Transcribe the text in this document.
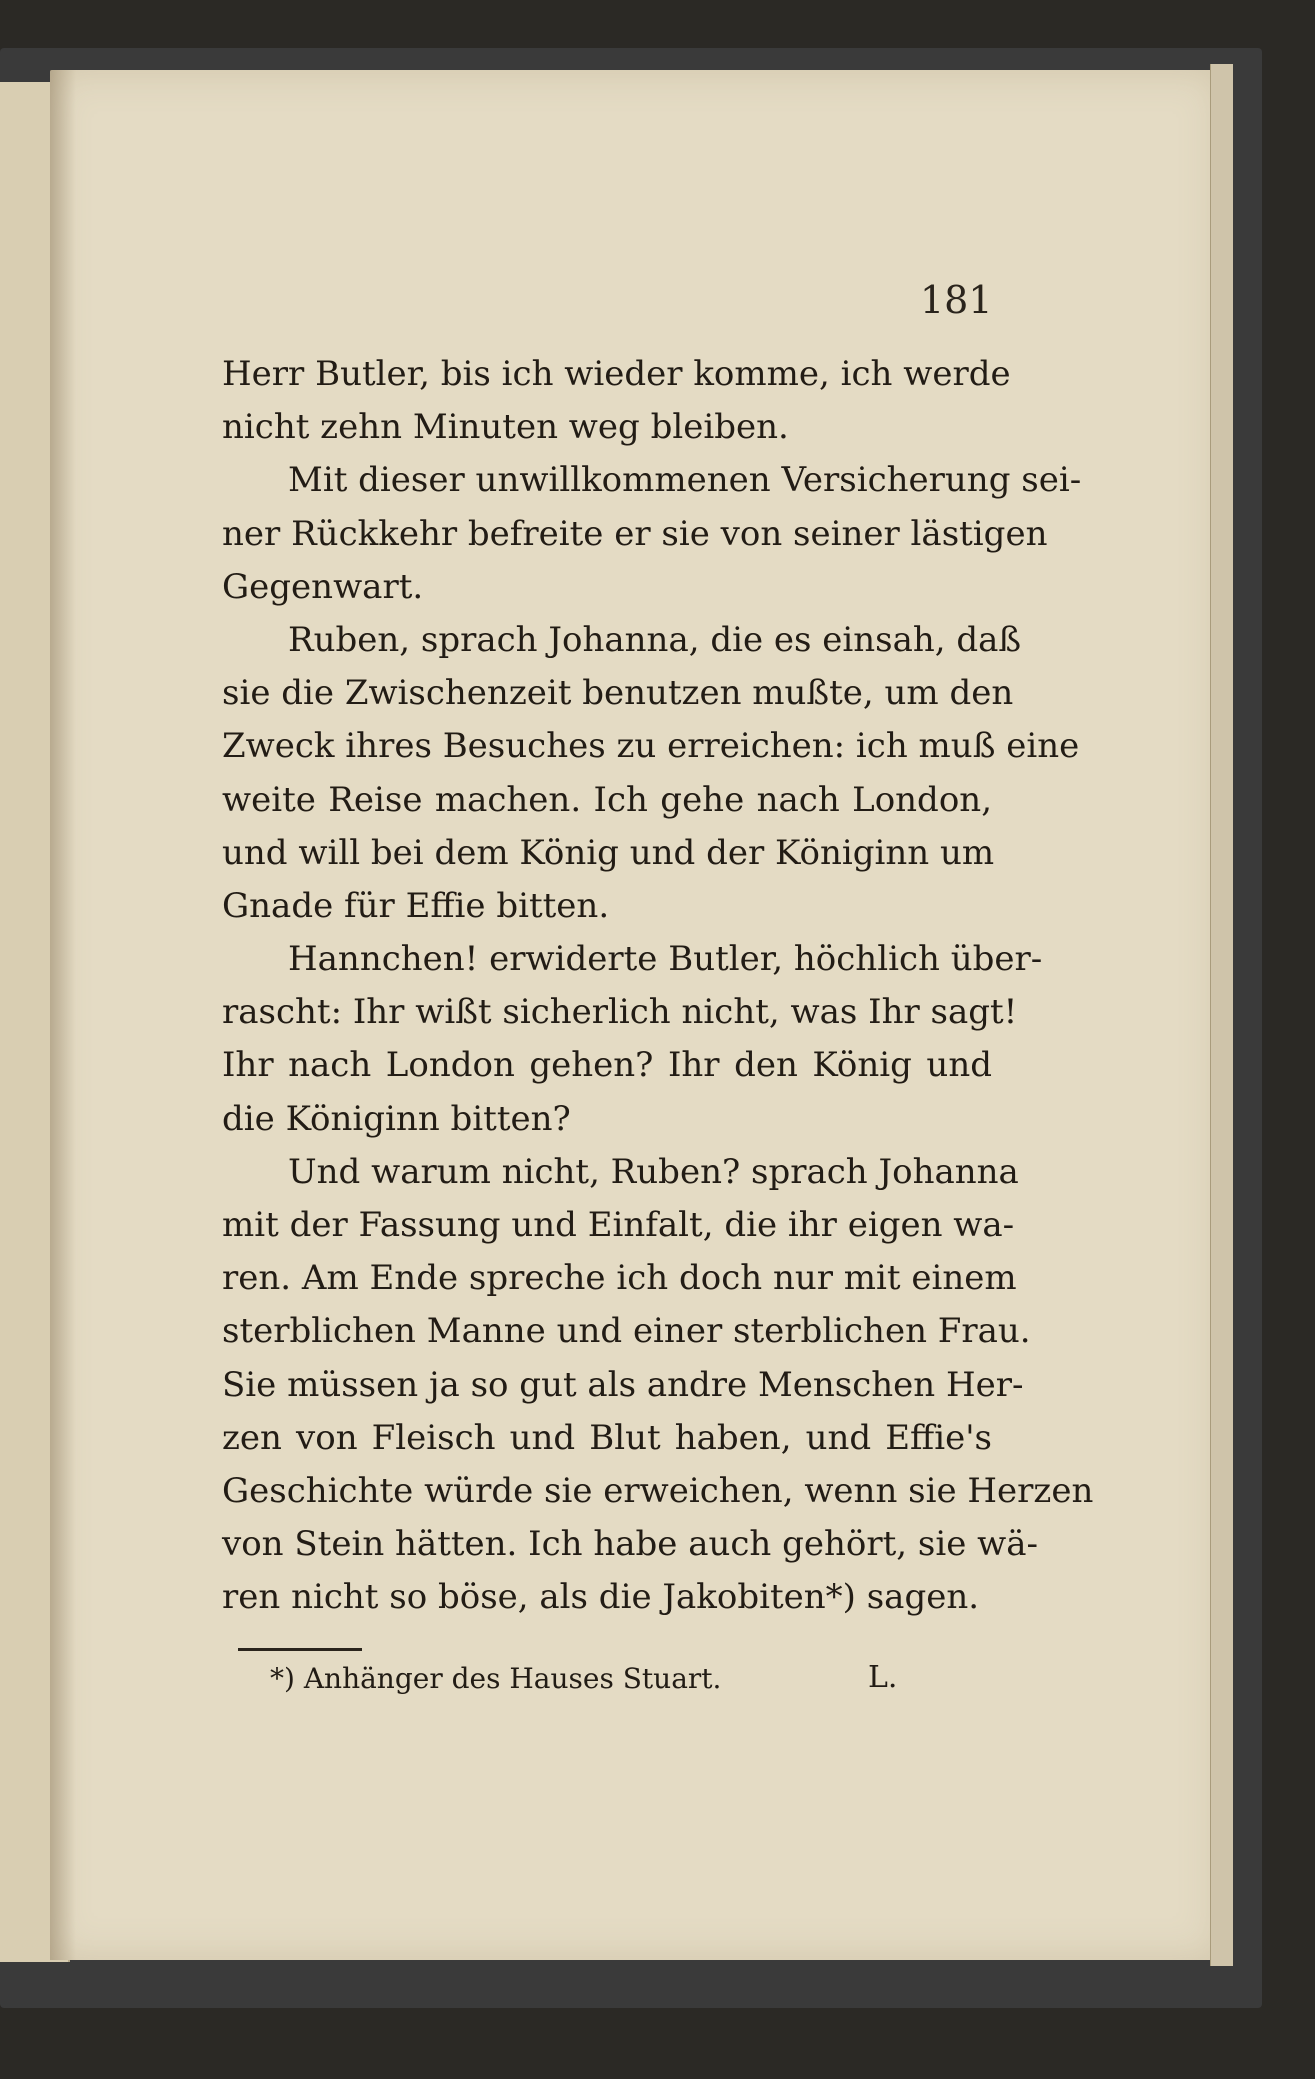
181
Herr Butler, bis ich wieder komme, ich werde
nicht zehn Minuten weg bleiben.
Mit dieser unwillkommenen Versicherung sei-
ner Rückkehr befreite er sie von seiner lästigen
Gegenwart.
Ruben, sprach Johanna, die es einsah, daß
sie die Zwischenzeit benutzen mußte, um den
Zweck ihres Besuches zu erreichen: ich muß eine
weite Reise machen. Ich gehe nach London,
und will bei dem König und der Königinn um
Gnade für Effie bitten.
Hannchen! erwiderte Butler, höchlich über-
rascht: Ihr wißt sicherlich nicht, was Ihr sagt!
Ihr nach London gehen? Ihr den König und
die Königinn bitten?
Und warum nicht, Ruben? sprach Johanna
mit der Fassung und Einfalt, die ihr eigen wa-
ren. Am Ende spreche ich doch nur mit einem
sterblichen Manne und einer sterblichen Frau.
Sie müssen ja so gut als andre Menschen Her-
zen von Fleisch und Blut haben, und Effie's
Geschichte würde sie erweichen, wenn sie Herzen
von Stein hätten. Ich habe auch gehört, sie wä-
ren nicht so böse, als die Jakobiten*) sagen.
*) Anhänger des Hauses Stuart.	L.
